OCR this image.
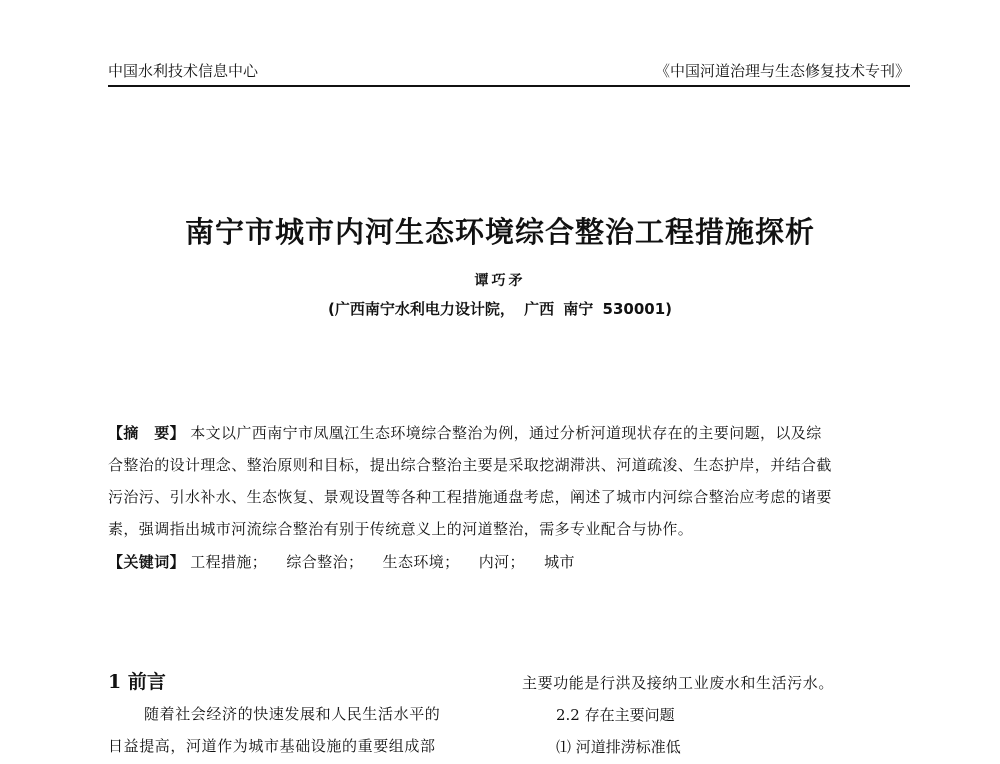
中国水利技术信息中心	《中国河道治理与生态修复技术专刊》
南宁市城市内河生态环境综合整治工程措施探析
谭巧矛
(广西南宁水利电力设计院， 广西 南宁 530001)
【摘　要】 本文以广西南宁市凤凰江生态环境综合整治为例，通过分析河道现状存在的主要问题，以及综
合整治的设计理念、整治原则和目标，提出综合整治主要是采取挖湖滞洪、河道疏浚、生态护岸，并结合截
污治污、引水补水、生态恢复、景观设置等各种工程措施通盘考虑，阐述了城市内河综合整治应考虑的诸要
素，强调指出城市河流综合整治有别于传统意义上的河道整治，需多专业配合与协作。
【关键词】 工程措施； 综合整治； 生态环境； 内河； 城市
1 前言
随着社会经济的快速发展和人民生活水平的
日益提高，河道作为城市基础设施的重要组成部
主要功能是行洪及接纳工业废水和生活污水。
2.2 存在主要问题
⑴ 河道排涝标准低
